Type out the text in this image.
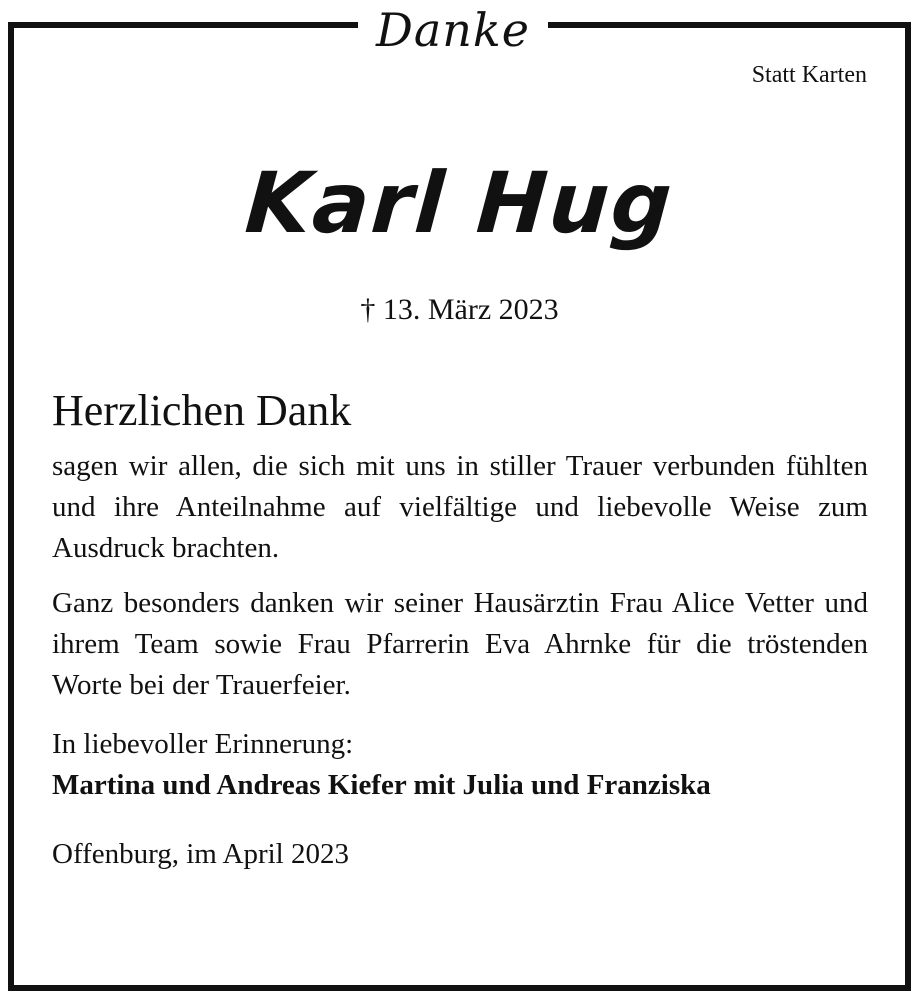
Danke
Statt Karten
Karl Hug
† 13. März 2023

Herzlichen Dank

sagen wir allen, die sich mit uns in stiller Trauer verbunden fühlten und ihre Anteilnahme auf vielfältige und liebevolle Weise zum Ausdruck brachten.

Ganz besonders danken wir seiner Hausärztin Frau Alice Vetter und ihrem Team sowie Frau Pfarrerin Eva Ahrnke für die tröstenden Worte bei der Trauerfeier.

In liebevoller Erinnerung:

Martina und Andreas Kiefer mit Julia und Franziska

Offenburg, im April 2023
